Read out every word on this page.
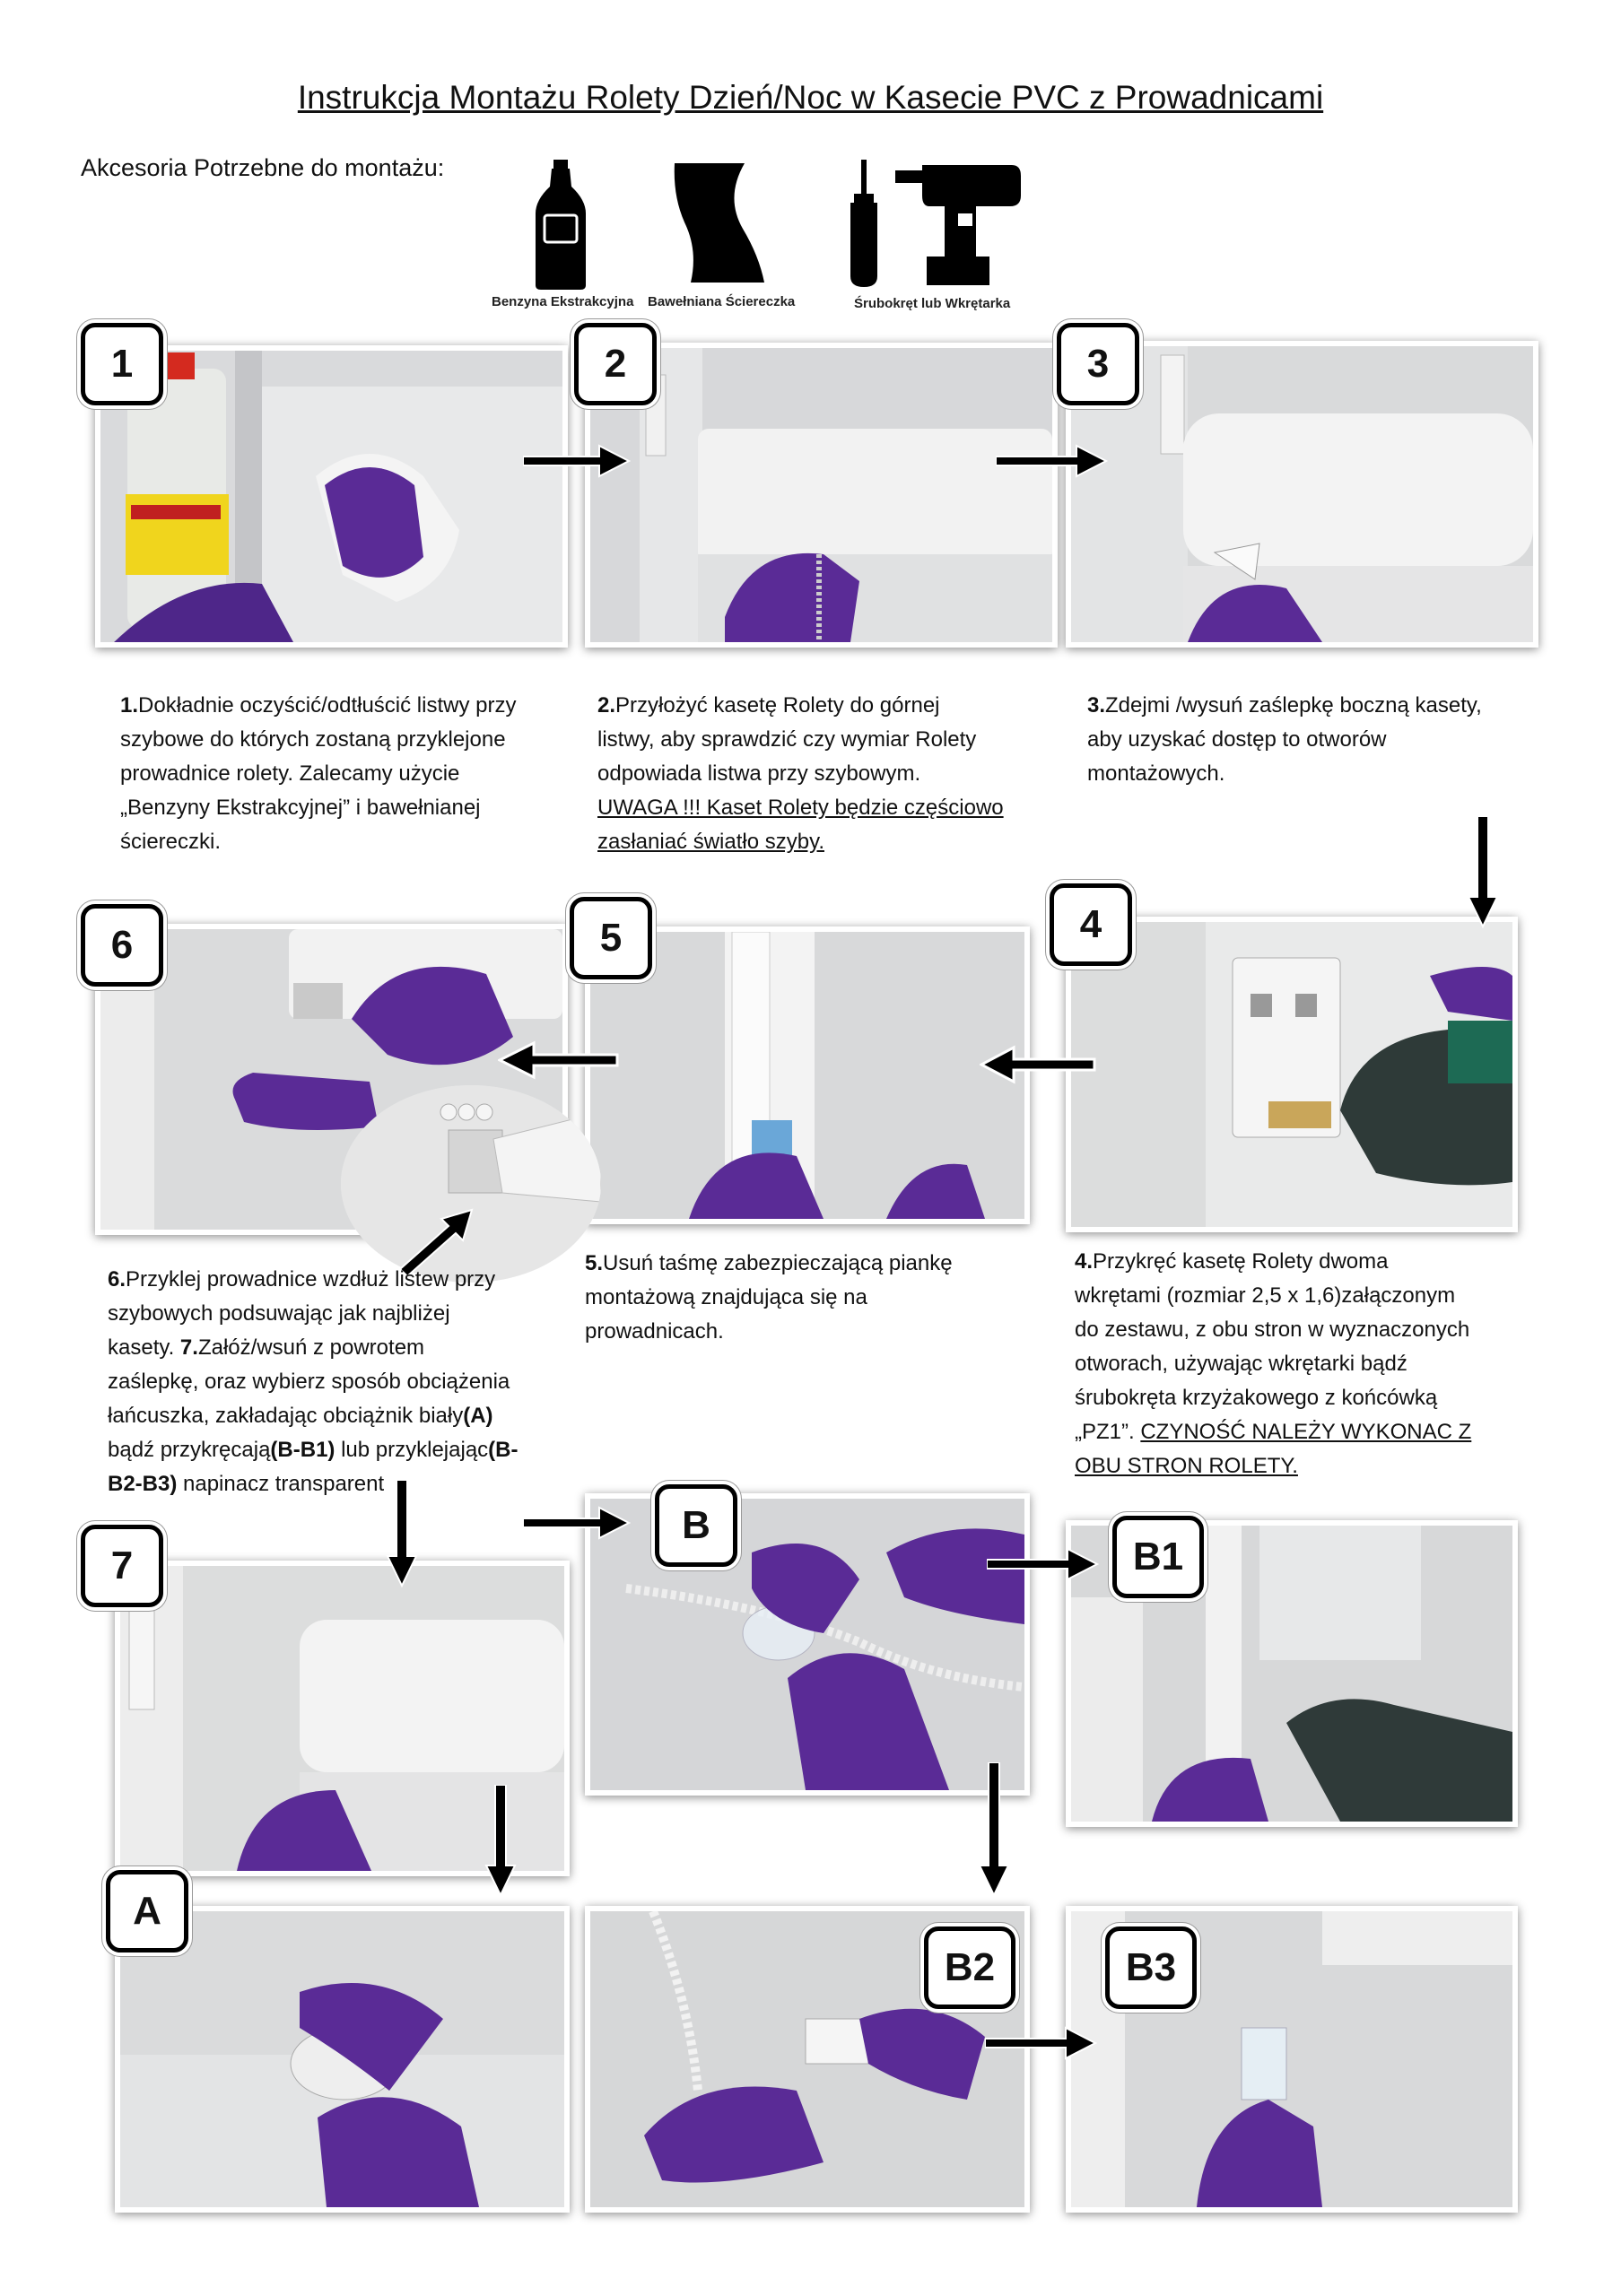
Instrukcja Montażu Rolety Dzień/Noc w Kasecie PVC z Prowadnicami
Akcesoria Potrzebne do montażu:
Benzyna Ekstrakcyjna Bawełniana Ściereczka	Śrubokręt lub Wkrętarka
1	2	3
6	5	4
7
B
B1
A
B2	B3
1.Dokładnie oczyścić/odtłuścić listwy przy
szybowe do których zostaną przyklejone
prowadnice rolety. Zalecamy użycie
„Benzyny Ekstrakcyjnej” i bawełnianej
ściereczki.
2.Przyłożyć kasetę Rolety do górnej
listwy, aby sprawdzić czy wymiar Rolety
odpowiada listwa przy szybowym.
UWAGA !!! Kaset Rolety będzie częściowo
zasłaniać światło szyby.
3.Zdejmi /wysuń zaślepkę boczną kasety,
aby uzyskać dostęp to otworów
montażowych.
6.Przyklej prowadnice wzdłuż listew przy
szybowych podsuwając jak najbliżej
kasety. 7.Załóż/wsuń z powrotem
zaślepkę, oraz wybierz sposób obciążenia
łańcuszka, zakładając obciążnik biały(A)
bądź przykręcają(B-B1) lub przyklejając(B-
B2-B3) napinacz transparent
5.Usuń taśmę zabezpieczającą piankę
montażową znajdująca się na
prowadnicach.
4.Przykręć kasetę Rolety dwoma
wkrętami (rozmiar 2,5 x 1,6)załączonym
do zestawu, z obu stron w wyznaczonych
otworach, używając wkrętarki bądź
śrubokręta krzyżakowego z końcówką
„PZ1”. CZYNOŚĆ NALEŻY WYKONAC Z
OBU STRON ROLETY.
